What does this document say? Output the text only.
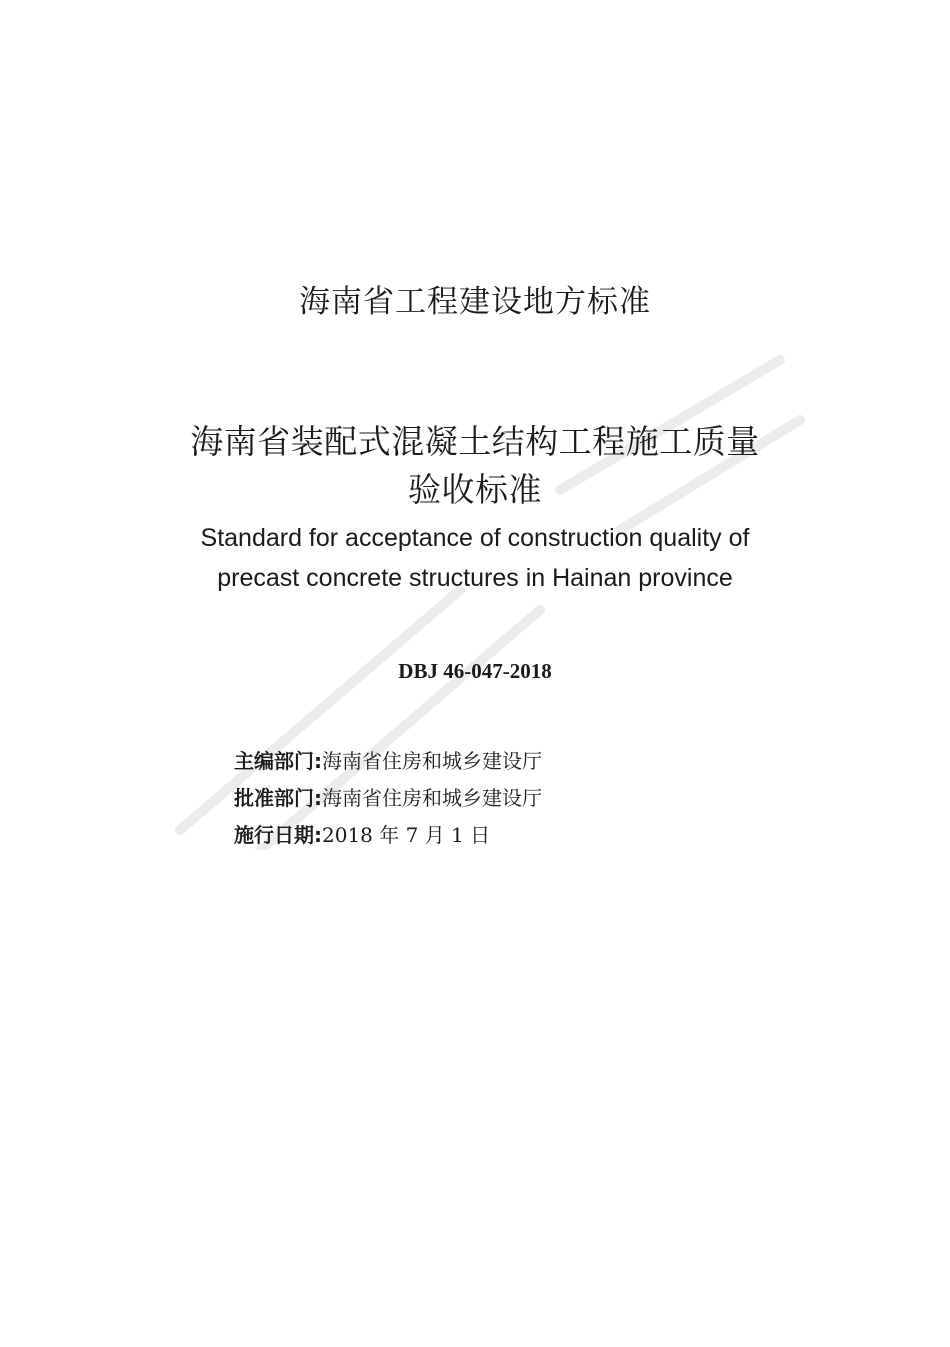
海南省工程建设地方标准
海南省装配式混凝土结构工程施工质量
验收标准
Standard for acceptance of construction quality of
precast concrete structures in Hainan province
DBJ 46-047-2018
主编部门:海南省住房和城乡建设厅
批准部门:海南省住房和城乡建设厅
施行日期:2018 年 7 月 1 日
